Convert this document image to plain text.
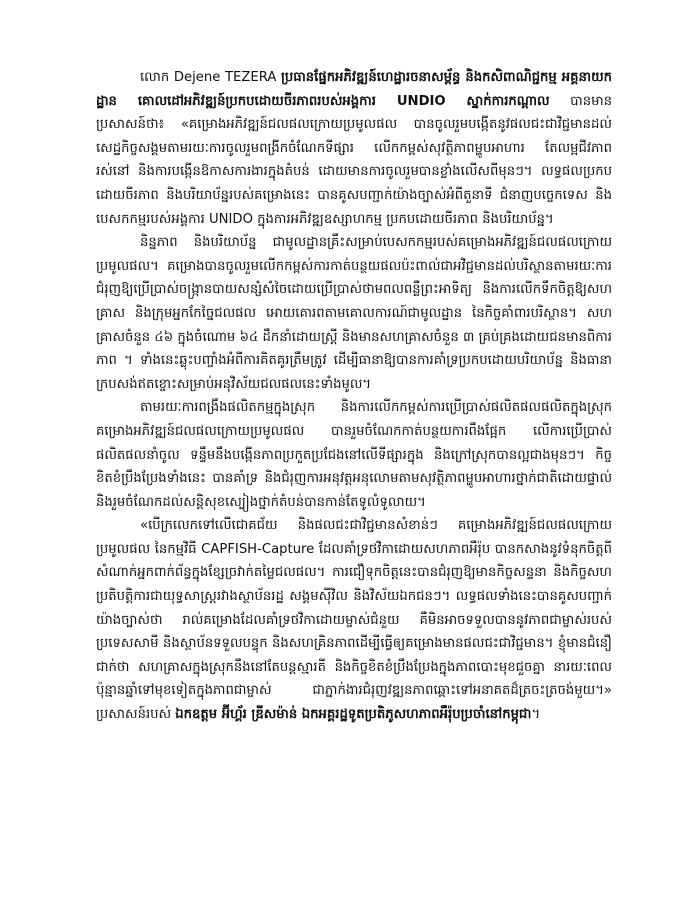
លោក Dejene TEZERA ប្រធានផ្នែកអភិវឌ្ឍន៍ហេដ្ឋារចនាសម្ព័ន្ធ និងកសិពាណិជ្ជកម្ម អគ្គនាយកដ្ឋាន គោលដៅអភិវឌ្ឍន៍ប្រកបដោយចីរភាពរបស់អង្គការ UNDIO ស្នាក់ការកណ្តាល បានមានប្រសាសន៍ថា៖ «គម្រោងអភិវឌ្ឍន៍ជលផលក្រោយប្រមូលផល បានចូលរួមបង្កើតនូវផលជះជាវិជ្ជមានដល់សេដ្ឋកិច្ចសង្គមតាមរយៈការចូលរួមពង្រីកចំណែកទីផ្សារ លើកកម្ពស់សុវត្ថិភាពម្ហូបអាហារ តែលម្អជីវភាពរស់នៅ និងការបង្កើនឱកាសការងារក្នុងតំបន់ ដោយមានការចូលរួមបានខ្លាំងលើសពីមុនៗ។ លទ្ធផលប្រកបដោយចីរភាព និងបរិយាប័ន្នរបស់គម្រោងនេះ បានគូសបញ្ជាក់យ៉ាងច្បាស់អំពីតួនាទី ជំនាញបច្ចេកទេស និងបេសកកម្មរបស់អង្គការ UNIDO ក្នុងការអភិវឌ្ឍឧស្សាហកម្ម ប្រកបដោយចីរភាព និងបរិយាប័ន្ន។

និន្នភាព និងបរិយាប័ន្ន ជាមូលដ្ឋានគ្រឹះសម្រាប់បេសកកម្មរបស់គម្រោងអភិវឌ្ឍន៍ជលផលក្រោយប្រមូលផល។ គម្រោងបានចូលរួមលើកកម្ពស់ការកាត់បន្ថយផលប៉ះពាល់ជាអវិជ្ជមានដល់បរិស្ថានតាមរយៈការជំរុញឱ្យប្រើប្រាស់ចង្ក្រានបាយសន្សំសំចៃដោយប្រើប្រាស់ថាមពលពន្លឺព្រះអាទិត្យ និងការលើកទឹកចិត្តឱ្យសហគ្រាស និងក្រុមអ្នកកែច្នៃជលផល អោយគោរពតាមគោលការណ៍ជាមូលដ្ឋាន នៃកិច្ចគាំពារបរិស្ថាន។ សហគ្រាសចំនួន ៤៦ ក្នុងចំណោម ៦៤ ដឹកនាំដោយស្ត្រី និងមានសហគ្រាសចំនួន ៣ គ្រប់គ្រងដោយជនមានពិការភាព ។ ទាំងនេះឆ្លុះបញ្ចាំងអំពីការគិតគូរត្រឹមត្រូវ ដើម្បីធានាឱ្យបានការគាំទ្រប្រកបដោយបរិយាប័ន្ន និងធានាក្របសង់ឥតខ្ចោះសម្រាប់អនុវិស័យជលផលនេះទាំងមូល។

តាមរយៈការពង្រឹងផលិតកម្មក្នុងស្រុក និងការលើកកម្ពស់ការប្រើប្រាស់ផលិតផលផលិតក្នុងស្រុក គម្រោងអភិវឌ្ឍន៍ជលផលក្រោយប្រមូលផល បានរួមចំណែកកាត់បន្ថយការពឹងផ្អែក លើការប្រើប្រាស់ផលិតផលនាំចូល ទន្ទឹមនឹងបង្កើនភាពប្រកួតប្រជែងនៅលើទីផ្សារក្នុង និងក្រៅស្រុកបានល្អជាងមុនៗ។ កិច្ចខិតខំប្រឹងប្រែងទាំងនេះ បានគាំទ្រ និងជំរុញការអនុវត្តអនុលោមតាមសុវត្ថិភាពម្ហូបអាហារថ្នាក់ជាតិដោយផ្ទាល់ និងរួមចំណែកដល់សន្តិសុខស្បៀងថ្នាក់តំបន់បានកាន់តែទូលំទូលាយ។

«បើក្រលេកទៅលើជោគជ័យ និងផលជះជាវិជ្ជមានសំខាន់ៗ គម្រោងអភិវឌ្ឍន៍ជលផលក្រោយប្រមូលផល នៃកម្មវិធី CAPFISH-Capture ដែលគាំទ្រថវិកាដោយសហភាពអឺរ៉ុប បានកសាងនូវទំនុកចិត្តពីសំណាក់អ្នកពាក់ព័ន្ធក្នុងខ្សែច្រវាក់តម្លៃជលផល។ ការជឿទុកចិត្តនេះបានជំរុញឱ្យមានកិច្ចសន្ទនា និងកិច្ចសហប្រតិបត្តិការជាយុទ្ធសាស្ត្ររវាងស្ថាប័នរដ្ឋ សង្គមស៊ីវិល និងវិស័យឯកជនៗ។ លទ្ធផលទាំងនេះបានគូសបញ្ជាក់យ៉ាងច្បាស់ថា រាល់គម្រោងដែលគាំទ្រថវិកាដោយម្ចាស់ជំនួយ គឺមិនអាចទទួលបាននូវភាពជាម្ចាស់របស់ប្រទេសសាមី និងស្ថាប័នទទួលបន្ទុក និងសហគ្រិនភាពដើម្បីធ្វើឲ្យគម្រោងមានផលជះជាវិជ្ជមាន។ ខ្ញុំមានជំនឿជាក់ថា សហគ្រាសក្នុងស្រុកនឹងនៅតែបន្តស្មារតី និងកិច្ចខិតខំប្រឹងប្រែងក្នុងភាពបោះមុខជួចគ្នា នារយៈពេលប៉ុន្មានឆ្នាំទៅមុខទៀតក្នុងភាពជាម្ចាស់ ជាភ្នាក់ងារជំរុញវឌ្ឍនភាពឆ្ពោះទៅអនាគតដ៏ត្រចះត្រចង់មួយ។» ប្រសាសន៍របស់ ឯកឧត្តម អ៊ីហ្គ័រ ឌ្រីសម៉ាន់ ឯកអគ្គរដ្ឋទូតប្រតិភូសហភាពអឺរ៉ុបប្រចាំនៅកម្ពុជា។
